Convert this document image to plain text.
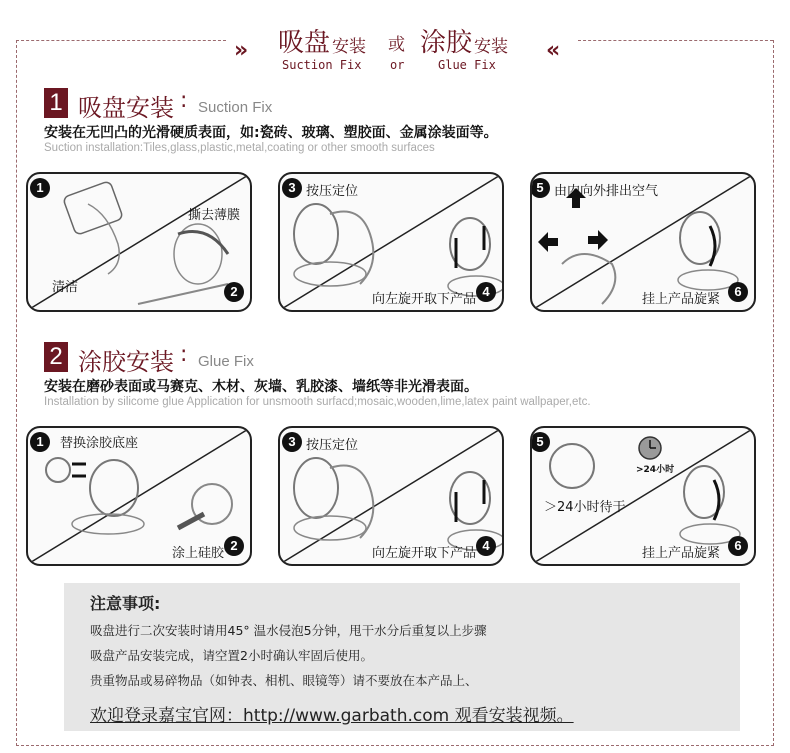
» 吸盘 安装 或 涂胶 安装
Suction Fix or	Glue Fix
«
1 吸盘安装 : Suction Fix
安装在无凹凸的光滑硬质表面，如:瓷砖、玻璃、塑胶面、金属涂装面等。
Suction installation:Tiles,glass,plastic,metal,coating or other smooth surfaces
1
清洁
撕去薄膜
2
3 按压定位
向左旋开取下产品
4
5 由内向外排出空气
挂上产品旋紧
6
2 涂胶安装 : Glue Fix
安装在磨砂表面或马赛克、木材、灰墙、乳胶漆、墙纸等非光滑表面。
Installation by silicome glue Application for unsmooth surfacd;mosaic,wooden,lime,latex paint wallpaper,etc.
1	替换涂胶底座
涂上硅胶
2
3 按压定位
向左旋开取下产品
4
5
>24小时
＞24小时待干
挂上产品旋紧
6
注意事项:
吸盘进行二次安装时请用45° 温水侵泡5分钟，甩干水分后重复以上步骤
吸盘产品安装完成，请空置2小时确认牢固后使用。
贵重物品或易碎物品（如钟表、相机、眼镜等）请不要放在本产品上、
欢迎登录嘉宝官网：http://www.garbath.com 观看安装视频。
